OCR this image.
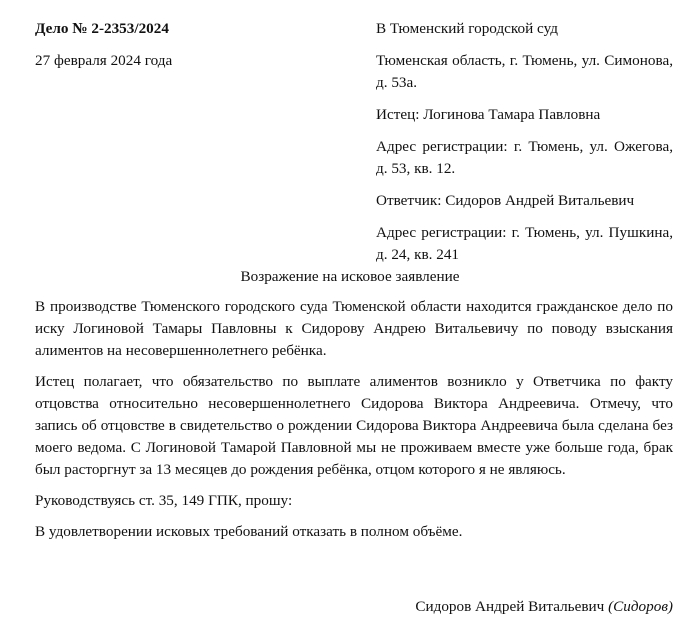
Дело № 2-2353/2024
27 февраля 2024 года
В Тюменский городской суд
Тюменская область, г. Тюмень, ул. Симонова, д. 53а.
Истец: Логинова Тамара Павловна
Адрес регистрации: г. Тюмень, ул. Ожегова, д. 53, кв. 12.
Ответчик: Сидоров Андрей Витальевич
Адрес регистрации: г. Тюмень, ул. Пушкина, д. 24, кв. 241
Возражение на исковое заявление

В производстве Тюменского городского суда Тюменской области находится гражданское дело по иску Логиновой Тамары Павловны к Сидорову Андрею Витальевичу по поводу взыскания алиментов на несовершеннолетнего ребёнка.

Истец полагает, что обязательство по выплате алиментов возникло у Ответчика по факту отцовства относительно несовершеннолетнего Сидорова Виктора Андреевича. Отмечу, что запись об отцовстве в свидетельство о рождении Сидорова Виктора Андреевича была сделана без моего ведома. С Логиновой Тамарой Павловной мы не проживаем вместе уже больше года, брак был расторгнут за 13 месяцев до рождения ребёнка, отцом которого я не являюсь.

Руководствуясь ст. 35, 149 ГПК, прошу:

В удовлетворении исковых требований отказать в полном объёме.

Сидоров Андрей Витальевич (Сидоров)
